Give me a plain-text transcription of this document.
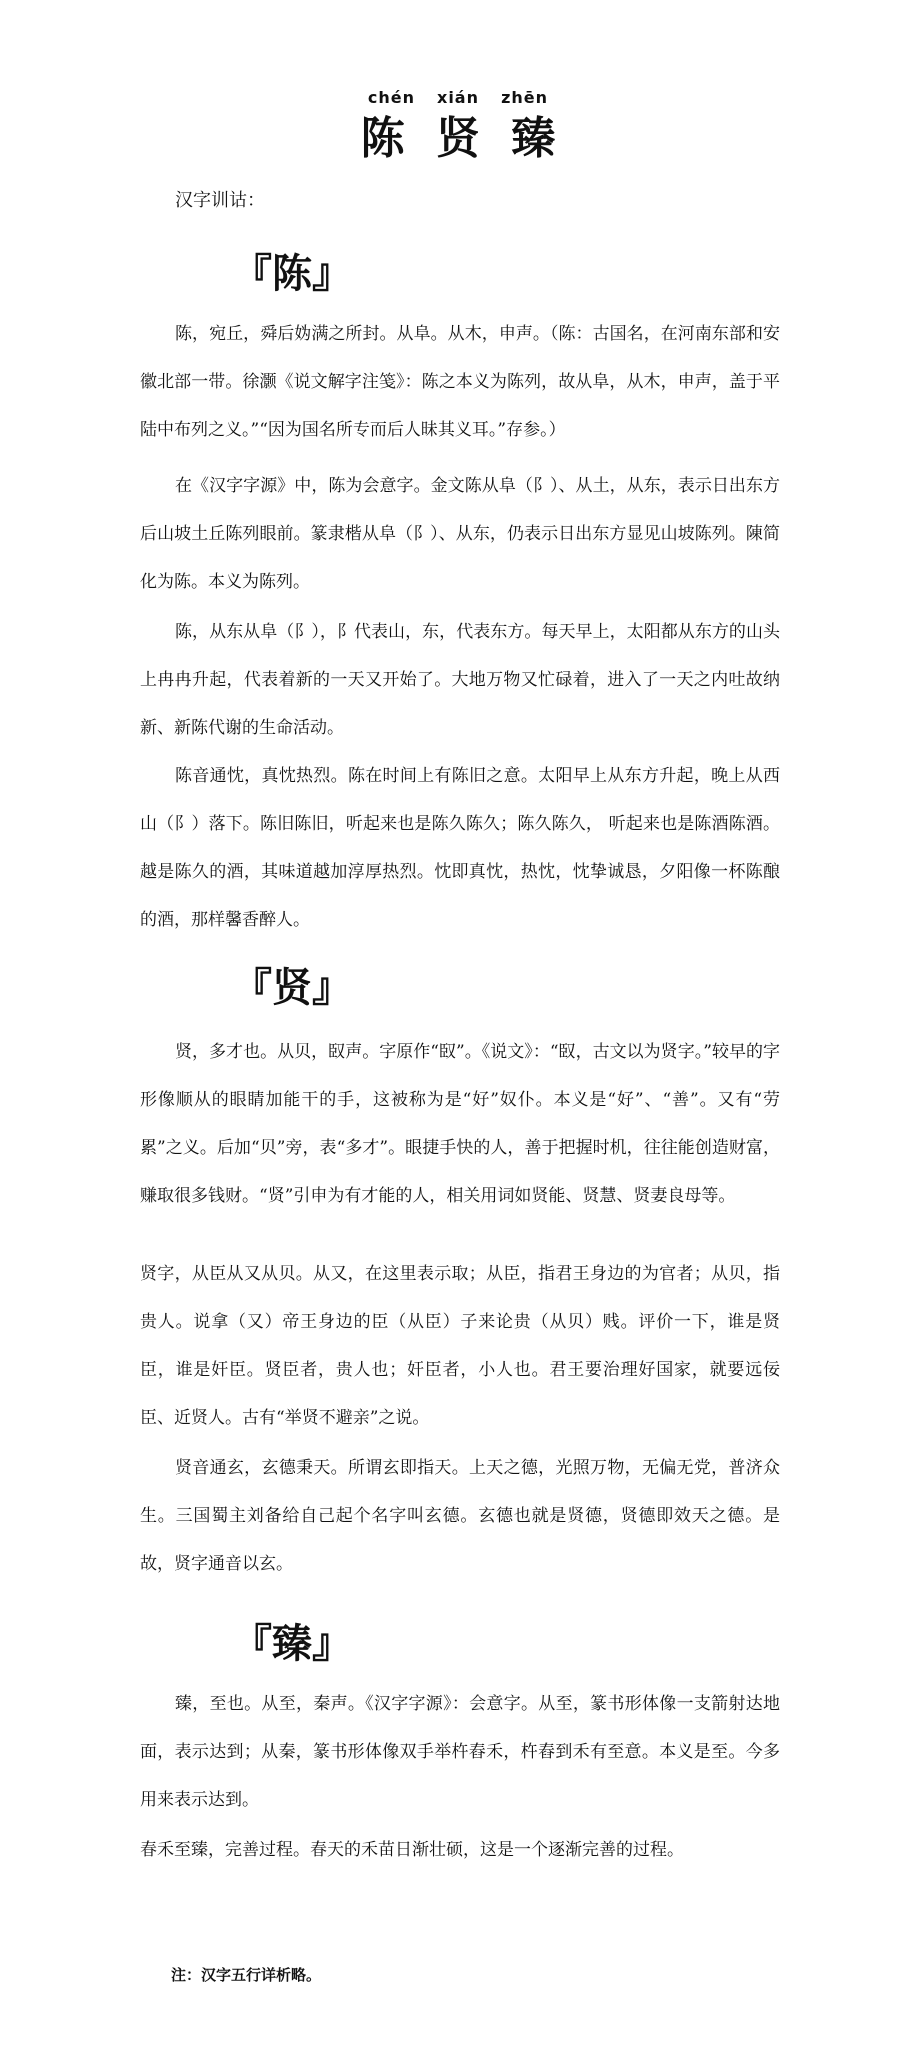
chén xián zhēn
陈 贤 臻
汉字训诂：
『陈』

陈，宛丘，舜后妫满之所封。从阜。从木，申声。（陈：古国名，在河南东部和安徽北部一带。徐灏《说文解字注笺》：陈之本义为陈列，故从阜，从木，申声，盖于平陆中布列之义。”“因为国名所专而后人昧其义耳。”存参。）

在《汉字字源》中，陈为会意字。金文陈从阜（阝）、从土，从东，表示日出东方后山坡土丘陈列眼前。篆隶楷从阜（阝）、从东，仍表示日出东方显见山坡陈列。陳简化为陈。本义为陈列。

陈，从东从阜（阝），阝代表山，东，代表东方。每天早上，太阳都从东方的山头上冉冉升起，代表着新的一天又开始了。大地万物又忙碌着，进入了一天之内吐故纳新、新陈代谢的生命活动。

陈音通忱，真忱热烈。陈在时间上有陈旧之意。太阳早上从东方升起，晚上从西山（阝）落下。陈旧陈旧，听起来也是陈久陈久；陈久陈久， 听起来也是陈酒陈酒。越是陈久的酒，其味道越加淳厚热烈。忱即真忱，热忱，忱挚诚恳，夕阳像一杯陈酿的酒，那样馨香醉人。

『贤』

贤，多才也。从贝，臤声。字原作“臤”。《说文》：“臤，古文以为贤字。”较早的字形像顺从的眼睛加能干的手，这被称为是“好”奴仆。本义是“好”、“善”。又有“劳累”之义。后加“贝”旁，表“多才”。眼捷手快的人，善于把握时机，往往能创造财富，赚取很多钱财。“贤”引申为有才能的人，相关用词如贤能、贤慧、贤妻良母等。

贤字，从臣从又从贝。从又，在这里表示取；从臣，指君王身边的为官者；从贝，指贵人。说拿（又）帝王身边的臣（从臣）子来论贵（从贝）贱。评价一下，谁是贤臣，谁是奸臣。贤臣者，贵人也；奸臣者，小人也。君王要治理好国家，就要远佞臣、近贤人。古有“举贤不避亲”之说。

贤音通玄，玄德秉天。所谓玄即指天。上天之德，光照万物，无偏无党，普济众生。三国蜀主刘备给自己起个名字叫玄德。玄德也就是贤德，贤德即效天之德。是故，贤字通音以玄。

『臻』

臻，至也。从至，秦声。《汉字字源》：会意字。从至，篆书形体像一支箭射达地面，表示达到；从秦，篆书形体像双手举杵舂禾，杵舂到禾有至意。本义是至。今多用来表示达到。

春禾至臻，完善过程。春天的禾苗日渐壮硕，这是一个逐渐完善的过程。

注：汉字五行详析略。
